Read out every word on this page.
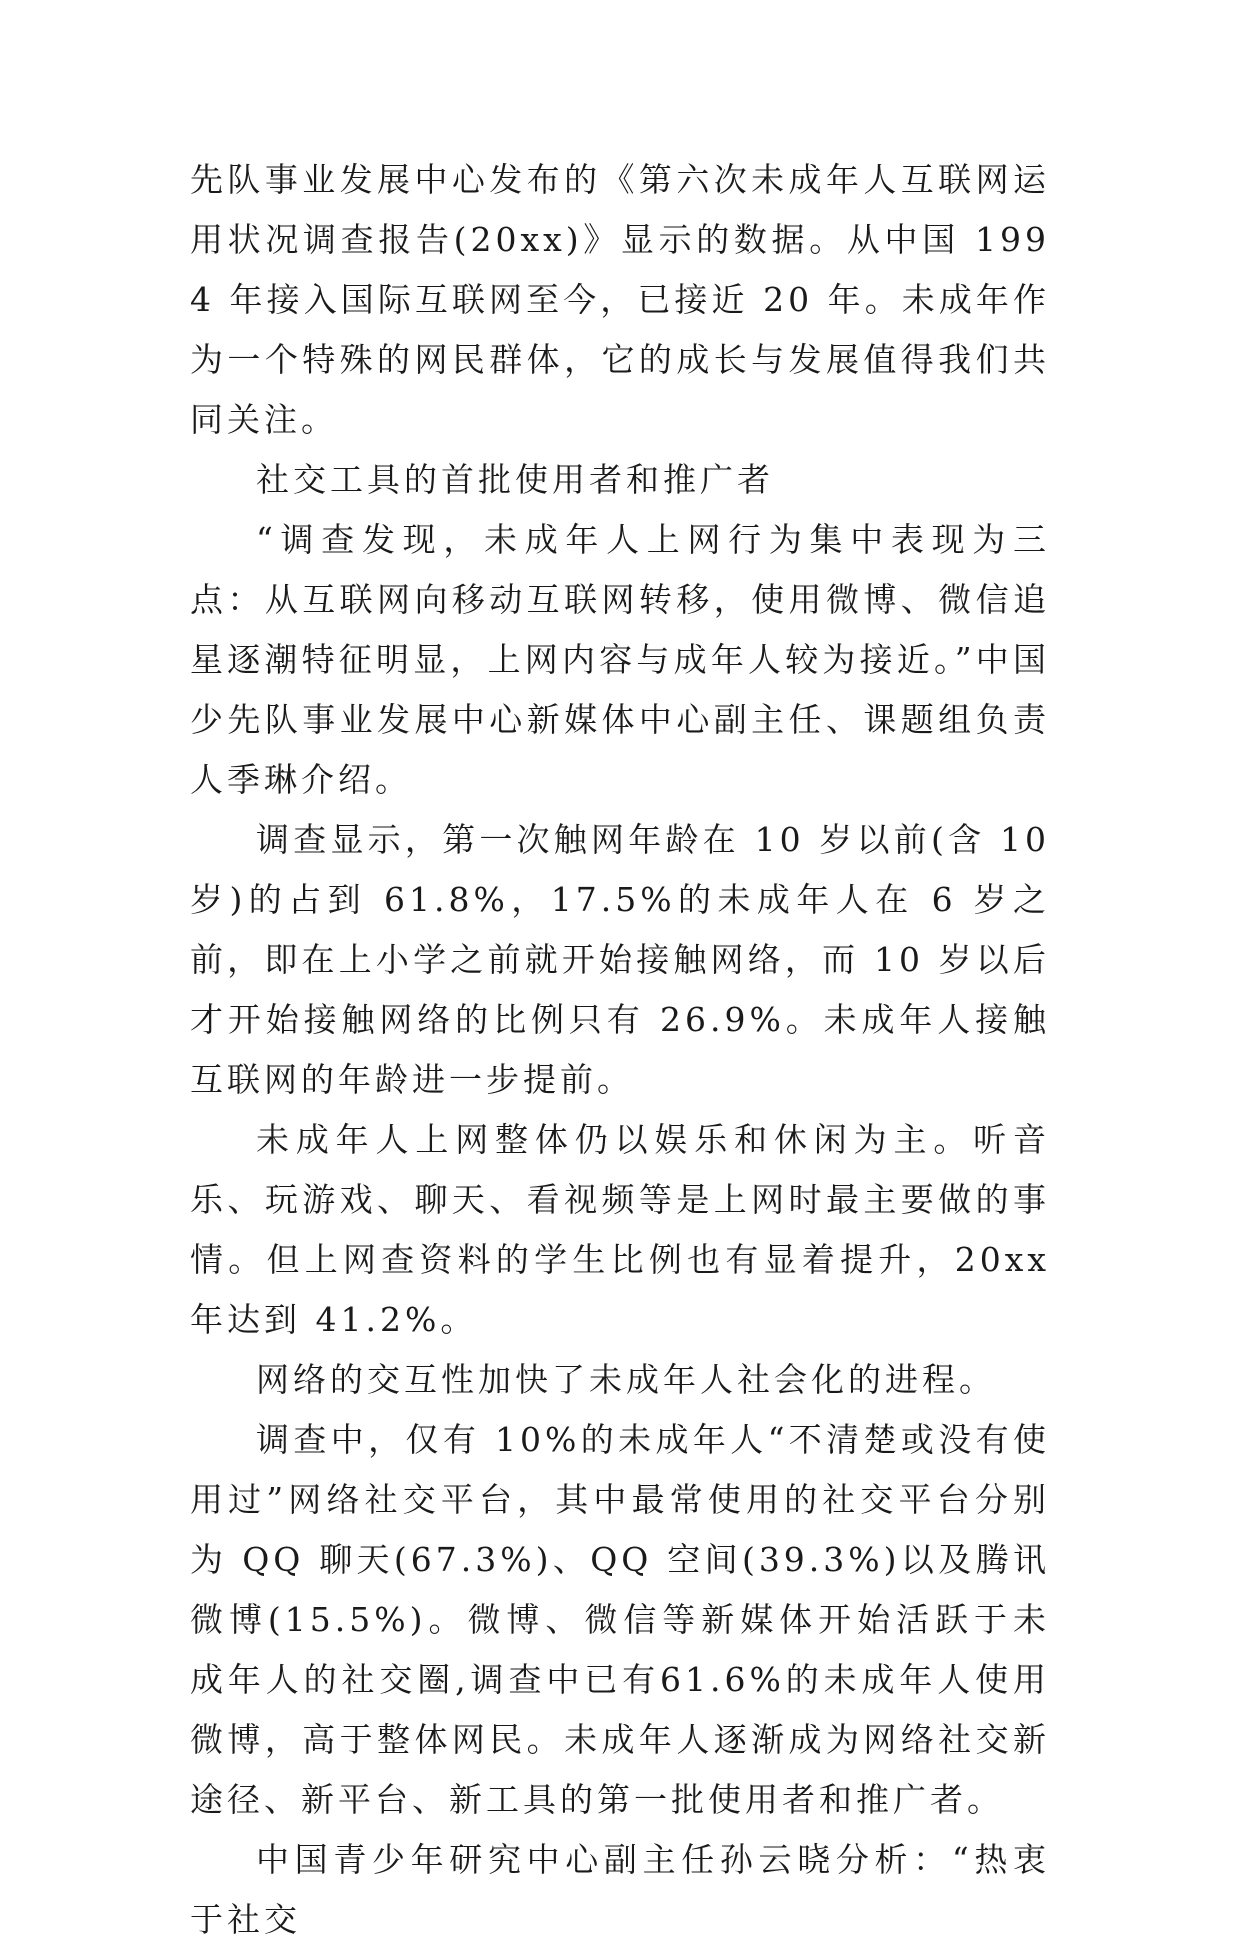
先队事业发展中心发布的《第六次未成年人互联网运用状况调查报告(20xx)》显示的数据。从中国 1994 年接入国际互联网至今，已接近 20 年。未成年作为一个特殊的网民群体，它的成长与发展值得我们共同关注。

社交工具的首批使用者和推广者

“调查发现，未成年人上网行为集中表现为三点：从互联网向移动互联网转移，使用微博、微信追星逐潮特征明显，上网内容与成年人较为接近。”中国少先队事业发展中心新媒体中心副主任、课题组负责人季琳介绍。

调查显示，第一次触网年龄在 10 岁以前(含 10 岁)的占到 61.8%，17.5%的未成年人在 6 岁之前，即在上小学之前就开始接触网络，而 10 岁以后才开始接触网络的比例只有 26.9%。未成年人接触互联网的年龄进一步提前。

未成年人上网整体仍以娱乐和休闲为主。听音乐、玩游戏、聊天、看视频等是上网时最主要做的事情。但上网查资料的学生比例也有显着提升，20xx 年达到 41.2%。

网络的交互性加快了未成年人社会化的进程。

调查中，仅有 10%的未成年人“不清楚或没有使用过”网络社交平台，其中最常使用的社交平台分别为 QQ 聊天(67.3%)、QQ 空间(39.3%)以及腾讯微博(15.5%)。微博、微信等新媒体开始活跃于未成年人的社交圈,调查中已有61.6%的未成年人使用微博，高于整体网民。未成年人逐渐成为网络社交新途径、新平台、新工具的第一批使用者和推广者。

中国青少年研究中心副主任孙云晓分析：“热衷于社交
